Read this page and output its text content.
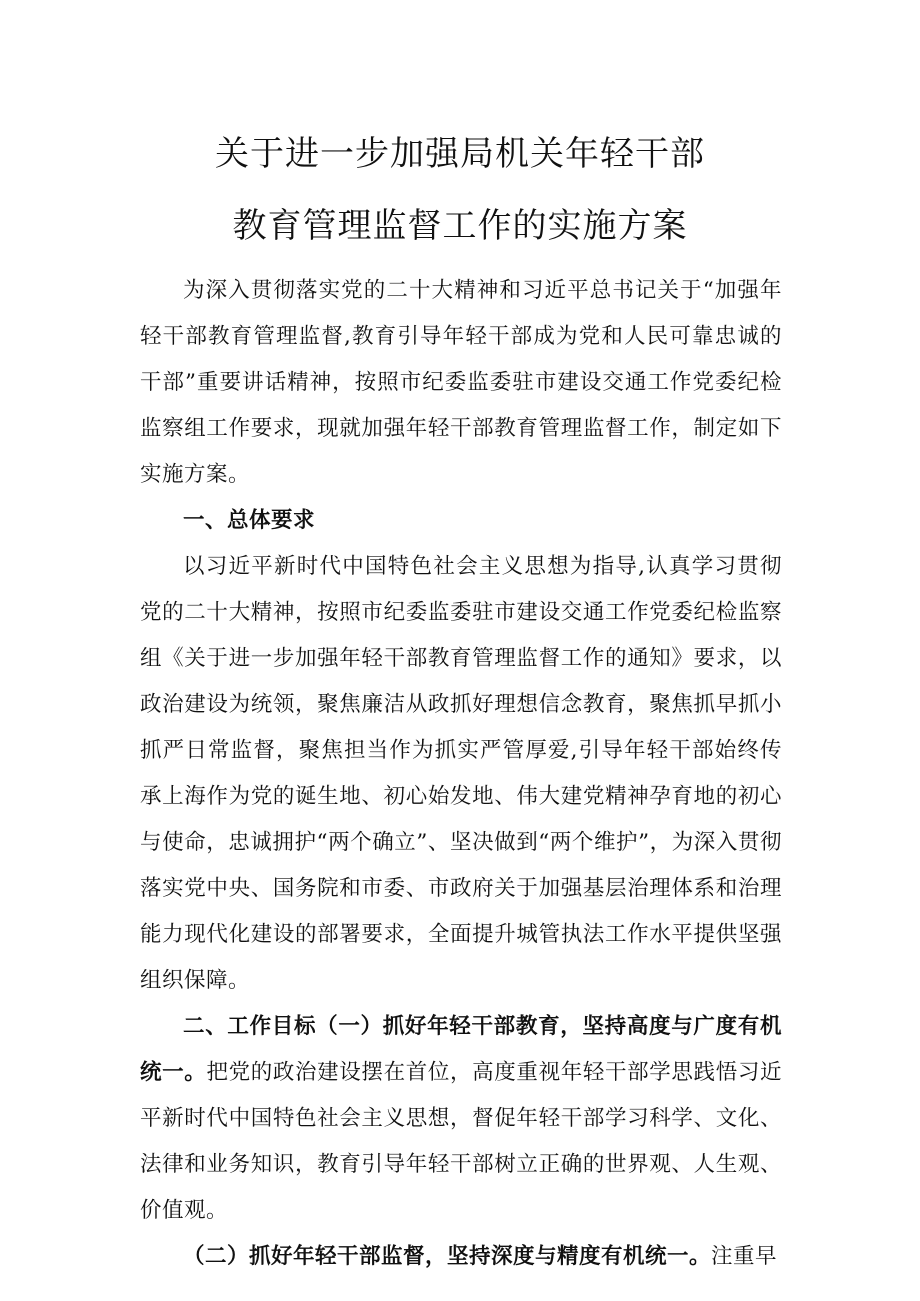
关于进一步加强局机关年轻干部
教育管理监督工作的实施方案

为深入贯彻落实党的二十大精神和习近平总书记关于“加强年轻干部教育管理监督,教育引导年轻干部成为党和人民可靠忠诚的干部”重要讲话精神，按照市纪委监委驻市建设交通工作党委纪检监察组工作要求，现就加强年轻干部教育管理监督工作，制定如下实施方案。

一、总体要求

以习近平新时代中国特色社会主义思想为指导,认真学习贯彻党的二十大精神，按照市纪委监委驻市建设交通工作党委纪检监察组《关于进一步加强年轻干部教育管理监督工作的通知》要求，以政治建设为统领，聚焦廉洁从政抓好理想信念教育，聚焦抓早抓小抓严日常监督，聚焦担当作为抓实严管厚爱,引导年轻干部始终传承上海作为党的诞生地、初心始发地、伟大建党精神孕育地的初心与使命，忠诚拥护“两个确立”、坚决做到“两个维护”，为深入贯彻落实党中央、国务院和市委、市政府关于加强基层治理体系和治理能力现代化建设的部署要求，全面提升城管执法工作水平提供坚强组织保障。

二、工作目标（一）抓好年轻干部教育，坚持高度与广度有机统一。把党的政治建设摆在首位，高度重视年轻干部学思践悟习近平新时代中国特色社会主义思想，督促年轻干部学习科学、文化、法律和业务知识，教育引导年轻干部树立正确的世界观、人生观、价值观。

（二）抓好年轻干部监督，坚持深度与精度有机统一。注重早
